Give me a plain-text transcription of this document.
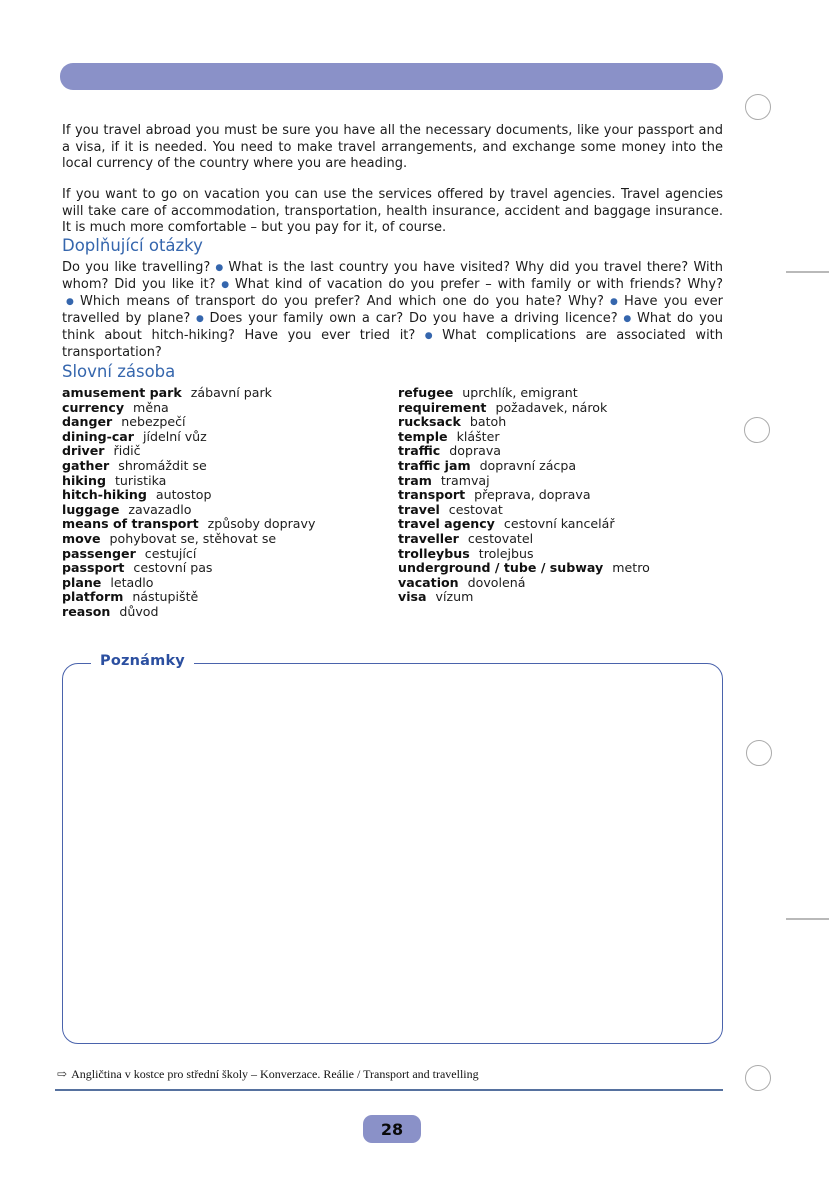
If you travel abroad you must be sure you have all the necessary documents, like your passport and a visa, if it is needed. You need to make travel arrangements, and exchange some money into the local currency of the country where you are heading.

If you want to go on vacation you can use the services offered by travel agencies. Travel agencies will take care of accommodation, transportation, health insurance, accident and baggage insurance. It is much more comfortable – but you pay for it, of course.

Doplňující otázky
Do you like travelling? ● What is the last country you have visited? Why did you travel there? With whom? Did you like it? ● What kind of vacation do you prefer – with family or with friends? Why?● Which means of transport do you prefer? And which one do you hate? Why? ● Have you ever travelled by plane? ● Does your family own a car? Do you have a driving licence? ● What do you think about hitch-hiking? Have you ever tried it? ● What complications are associated with transportation?
Slovní zásoba
amusement park zábavní park
currency měna
danger nebezpečí
dining-car jídelní vůz
driver řidič
gather shromáždit se
hiking turistika
hitch-hiking autostop
luggage zavazadlo
means of transport způsoby dopravy
move pohybovat se, stěhovat se
passenger cestující
passport cestovní pas
plane letadlo
platform nástupiště
reason důvod
refugee uprchlík, emigrant
requirement požadavek, nárok
rucksack batoh
temple klášter
traffic doprava
traffic jam dopravní zácpa
tram tramvaj
transport přeprava, doprava
travel cestovat
travel agency cestovní kancelář
traveller cestovatel
trolleybus trolejbus
underground / tube / subway metro
vacation dovolená
visa vízum
Poznámky
⇨ Angličtina v kostce pro střední školy – Konverzace. Reálie / Transport and travelling
28
